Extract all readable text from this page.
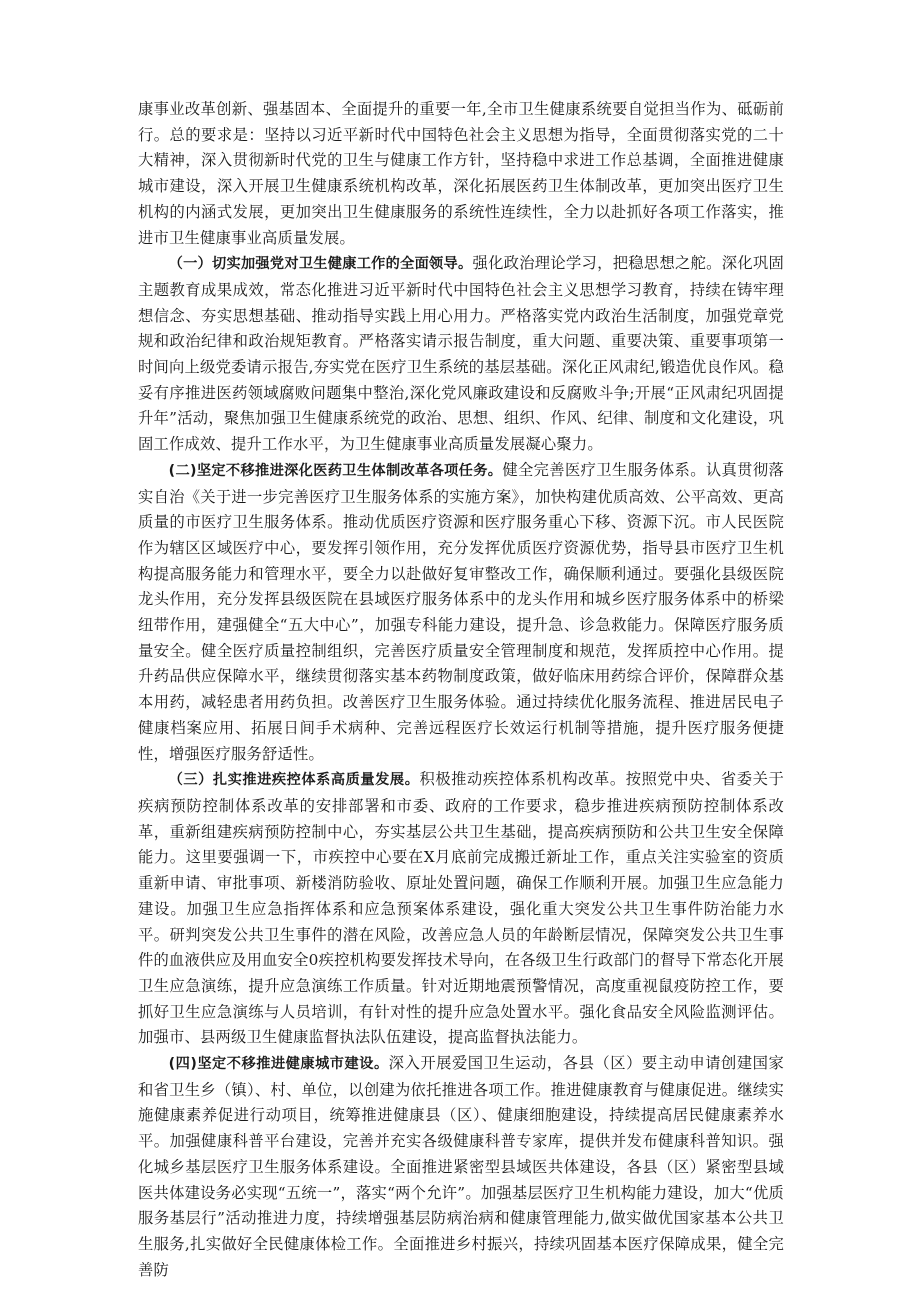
康事业改革创新、强基固本、全面提升的重要一年,全市卫生健康系统要自觉担当作为、砥砺前行。总的要求是：坚持以习近平新时代中国特色社会主义思想为指导，全面贯彻落实党的二十大精神，深入贯彻新时代党的卫生与健康工作方针，坚持稳中求进工作总基调，全面推进健康城市建设，深入开展卫生健康系统机构改革，深化拓展医药卫生体制改革，更加突出医疗卫生机构的内涵式发展，更加突出卫生健康服务的系统性连续性，全力以赴抓好各项工作落实，推进市卫生健康事业高质量发展。

（一）切实加强党对卫生健康工作的全面领导。强化政治理论学习，把稳思想之舵。深化巩固主题教育成果成效，常态化推进习近平新时代中国特色社会主义思想学习教育，持续在铸牢理想信念、夯实思想基础、推动指导实践上用心用力。严格落实党内政治生活制度，加强党章党规和政治纪律和政治规矩教育。严格落实请示报告制度，重大问题、重要决策、重要事项第一时间向上级党委请示报告,夯实党在医疗卫生系统的基层基础。深化正风肃纪,锻造优良作风。稳妥有序推进医药领域腐败问题集中整治,深化党风廉政建设和反腐败斗争;开展“正风肃纪巩固提升年”活动，聚焦加强卫生健康系统党的政治、思想、组织、作风、纪律、制度和文化建设，巩固工作成效、提升工作水平，为卫生健康事业高质量发展凝心聚力。

(二)坚定不移推进深化医药卫生体制改革各项任务。健全完善医疗卫生服务体系。认真贯彻落实自治《关于进一步完善医疗卫生服务体系的实施方案》，加快构建优质高效、公平高效、更高质量的市医疗卫生服务体系。推动优质医疗资源和医疗服务重心下移、资源下沉。市人民医院作为辖区区域医疗中心，要发挥引领作用，充分发挥优质医疗资源优势，指导县市医疗卫生机构提高服务能力和管理水平，要全力以赴做好复审整改工作，确保顺利通过。要强化县级医院龙头作用，充分发挥县级医院在县域医疗服务体系中的龙头作用和城乡医疗服务体系中的桥梁纽带作用，建强健全“五大中心”，加强专科能力建设，提升急、诊急救能力。保障医疗服务质量安全。健全医疗质量控制组织，完善医疗质量安全管理制度和规范，发挥质控中心作用。提升药品供应保障水平，继续贯彻落实基本药物制度政策，做好临床用药综合评价，保障群众基本用药，减轻患者用药负担。改善医疗卫生服务体验。通过持续优化服务流程、推进居民电子健康档案应用、拓展日间手术病种、完善远程医疗长效运行机制等措施，提升医疗服务便捷性，增强医疗服务舒适性。

（三）扎实推进疾控体系高质量发展。积极推动疾控体系机构改革。按照党中央、省委关于疾病预防控制体系改革的安排部署和市委、政府的工作要求，稳步推进疾病预防控制体系改革，重新组建疾病预防控制中心，夯实基层公共卫生基础，提高疾病预防和公共卫生安全保障能力。这里要强调一下，市疾控中心要在X月底前完成搬迁新址工作，重点关注实验室的资质重新申请、审批事项、新楼消防验收、原址处置问题，确保工作顺利开展。加强卫生应急能力建设。加强卫生应急指挥体系和应急预案体系建设，强化重大突发公共卫生事件防治能力水平。研判突发公共卫生事件的潜在风险，改善应急人员的年龄断层情况，保障突发公共卫生事件的血液供应及用血安全0疾控机构要发挥技术导向，在各级卫生行政部门的督导下常态化开展卫生应急演练，提升应急演练工作质量。针对近期地震预警情况，高度重视鼠疫防控工作，要抓好卫生应急演练与人员培训，有针对性的提升应急处置水平。强化食品安全风险监测评估。加强市、县两级卫生健康监督执法队伍建设，提高监督执法能力。

(四)坚定不移推进健康城市建设。深入开展爱国卫生运动，各县（区）要主动申请创建国家和省卫生乡（镇）、村、单位，以创建为依托推进各项工作。推进健康教育与健康促进。继续实施健康素养促进行动项目，统筹推进健康县（区）、健康细胞建设，持续提高居民健康素养水平。加强健康科普平台建设，完善并充实各级健康科普专家库，提供并发布健康科普知识。强化城乡基层医疗卫生服务体系建设。全面推进紧密型县域医共体建设，各县（区）紧密型县域医共体建设务必实现“五统一”，落实“两个允许”。加强基层医疗卫生机构能力建设，加大“优质服务基层行”活动推进力度，持续增强基层防病治病和健康管理能力,做实做优国家基本公共卫生服务,扎实做好全民健康体检工作。全面推进乡村振兴，持续巩固基本医疗保障成果，健全完善防
